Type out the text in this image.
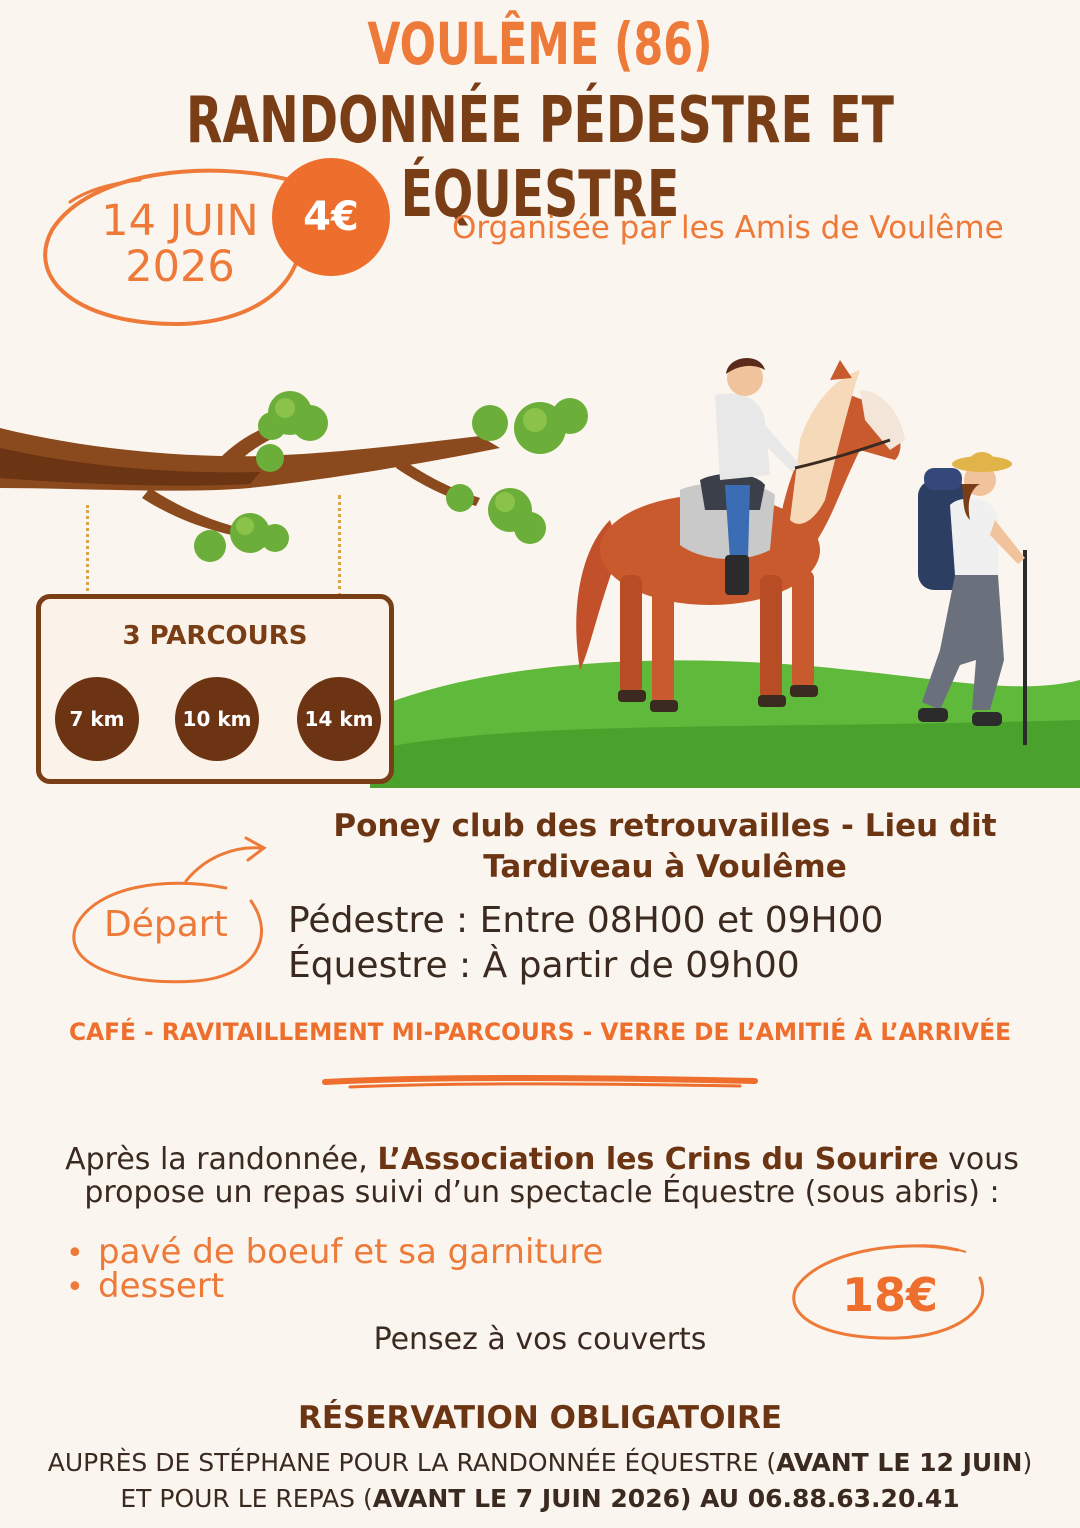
VOULÊME (86)
RANDONNÉE PÉDESTRE ET ÉQUESTRE
14 JUIN
2026
4€	Organisée par les Amis de Voulême
3 PARCOURS
7 km	10 km	14 km
Poney club des retrouvailles - Lieu dit
Tardiveau à Voulême
Départ Pédestre : Entre 08H00 et 09H00
Équestre : À partir de 09h00
CAFÉ - RAVITAILLEMENT MI-PARCOURS - VERRE DE L’AMITIÉ À L’ARRIVÉE
Après la randonnée, L’Association les Crins du Sourire vous propose un repas suivi d’un spectacle Équestre (sous abris) :
• pavé de boeuf et sa garniture
• dessert	18€
Pensez à vos couverts
RÉSERVATION OBLIGATOIRE
AUPRÈS DE STÉPHANE POUR LA RANDONNÉE ÉQUESTRE (AVANT LE 12 JUIN)
ET POUR LE REPAS (AVANT LE 7 JUIN 2026) AU 06.88.63.20.41
